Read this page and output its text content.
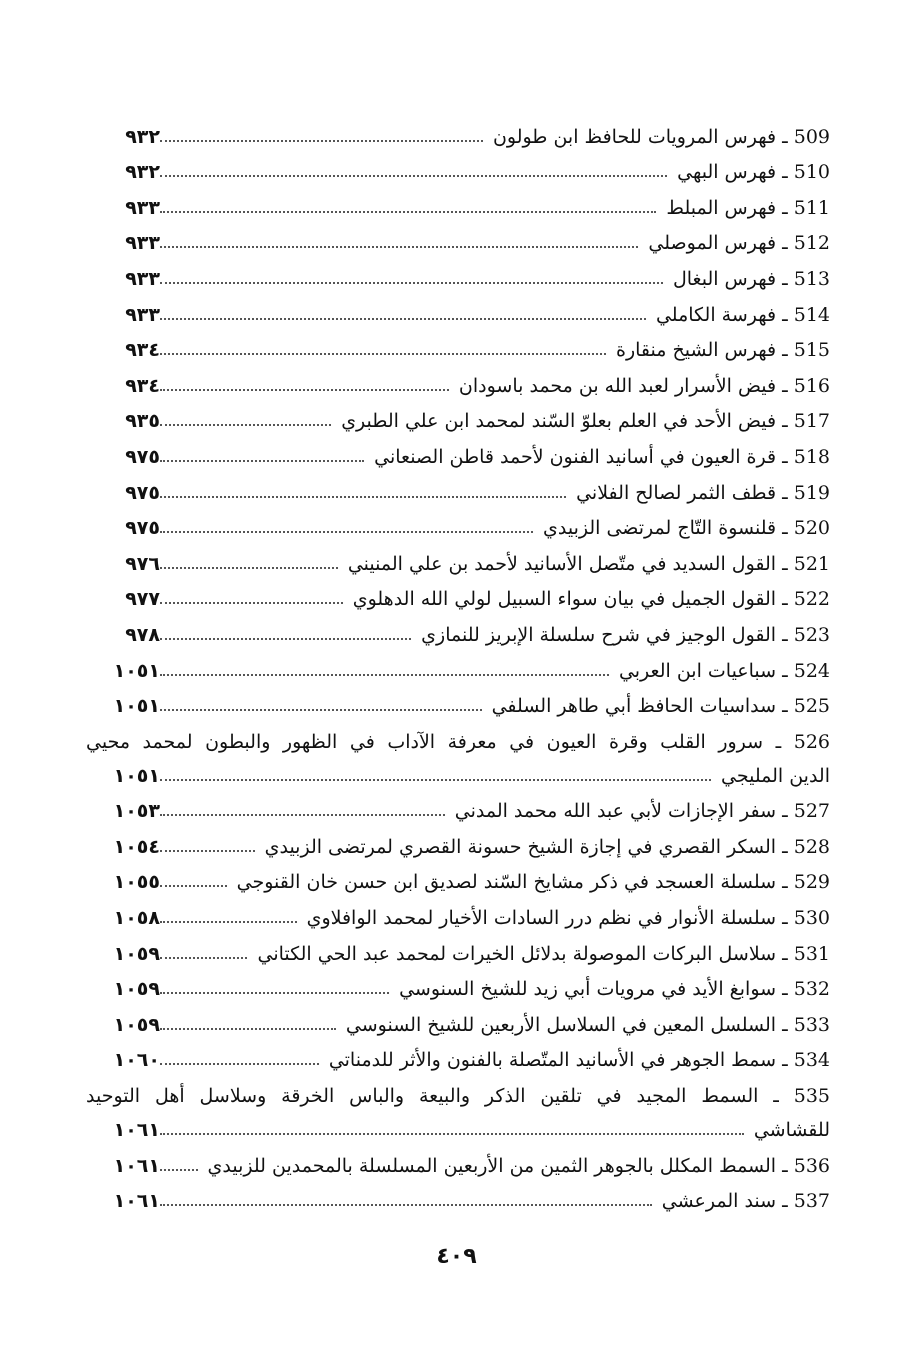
509 ـ فهرس المرويات للحافظ ابن طولون
٩٣٢
510 ـ فهرس البهي
٩٣٢
511 ـ فهرس المبلط
٩٣٣
512 ـ فهرس الموصلي
٩٣٣
513 ـ فهرس البغال
٩٣٣
514 ـ فهرسة الكاملي
٩٣٣
515 ـ فهرس الشيخ منقارة
٩٣٤
516 ـ فيض الأسرار لعبد الله بن محمد باسودان
٩٣٤
517 ـ فيض الأحد في العلم بعلوّ السّند لمحمد ابن علي الطبري
٩٣٥
518 ـ قرة العيون في أسانيد الفنون لأحمد قاطن الصنعاني
٩٧٥
519 ـ قطف الثمر لصالح الفلاني
٩٧٥
520 ـ قلنسوة التّاج لمرتضى الزبيدي
٩٧٥
521 ـ القول السديد في متّصل الأسانيد لأحمد بن علي المنيني
٩٧٦
522 ـ القول الجميل في بيان سواء السبيل لولي الله الدهلوي
٩٧٧
523 ـ القول الوجيز في شرح سلسلة الإبريز للنمازي
٩٧٨
524 ـ سباعيات ابن العربي
١٠٥١
525 ـ سداسيات الحافظ أبي طاهر السلفي
١٠٥١
526 ـ سرور القلب وقرة العيون في معرفة الآداب في الظهور والبطون لمحمد محيي
الدين المليجي
١٠٥١
527 ـ سفر الإجازات لأبي عبد الله محمد المدني
١٠٥٣
528 ـ السكر القصري في إجازة الشيخ حسونة القصري لمرتضى الزبيدي
١٠٥٤
529 ـ سلسلة العسجد في ذكر مشايخ السّند لصديق ابن حسن خان القنوجي
١٠٥٥
530 ـ سلسلة الأنوار في نظم درر السادات الأخيار لمحمد الوافلاوي
١٠٥٨
531 ـ سلاسل البركات الموصولة بدلائل الخيرات لمحمد عبد الحي الكتاني
١٠٥٩
532 ـ سوابغ الأيد في مرويات أبي زيد للشيخ السنوسي
١٠٥٩
533 ـ السلسل المعين في السلاسل الأربعين للشيخ السنوسي
١٠٥٩
534 ـ سمط الجوهر في الأسانيد المتّصلة بالفنون والأثر للدمناتي
١٠٦٠
535 ـ السمط المجيد في تلقين الذكر والبيعة والباس الخرقة وسلاسل أهل التوحيد
للقشاشي
١٠٦١
536 ـ السمط المكلل بالجوهر الثمين من الأربعين المسلسلة بالمحمدين للزبيدي
١٠٦١
537 ـ سند المرعشي
١٠٦١
٤٠٩
